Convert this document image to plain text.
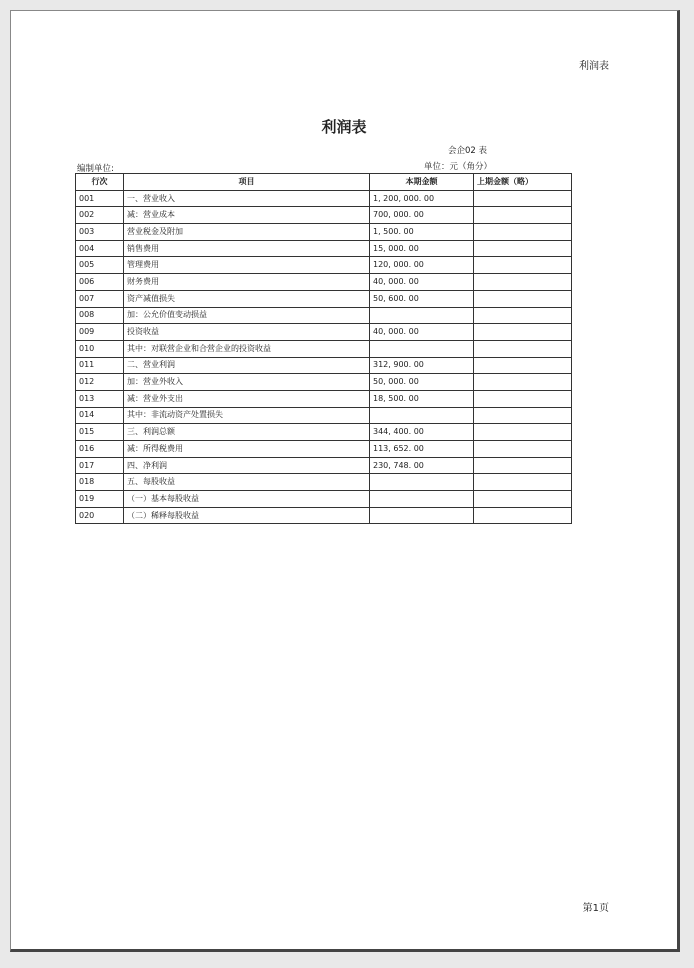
利润表
利润表
会企02 表
编制单位:	单位：元（角分）
行次	项目	本期金额	上期金额（略）
001	一、营业收入	1, 200, 000. 00	
002	减：营业成本	700, 000. 00	
003	营业税金及附加	1, 500. 00	
004	销售费用	15, 000. 00	
005	管理费用	120, 000. 00	
006	财务费用	40, 000. 00	
007	资产减值损失	50, 600. 00	
008	加：公允价值变动损益		
009	投资收益	40, 000. 00	
010	其中：对联营企业和合营企业的投资收益		
011	二、营业利润	312, 900. 00	
012	加：营业外收入	50, 000. 00	
013	减：营业外支出	18, 500. 00	
014	其中：非流动资产处置损失		
015	三、利润总额	344, 400. 00	
016	减：所得税费用	113, 652. 00	
017	四、净利润	230, 748. 00	
018	五、每股收益		
019	（一）基本每股收益		
020	（二）稀释每股收益		
第1页
